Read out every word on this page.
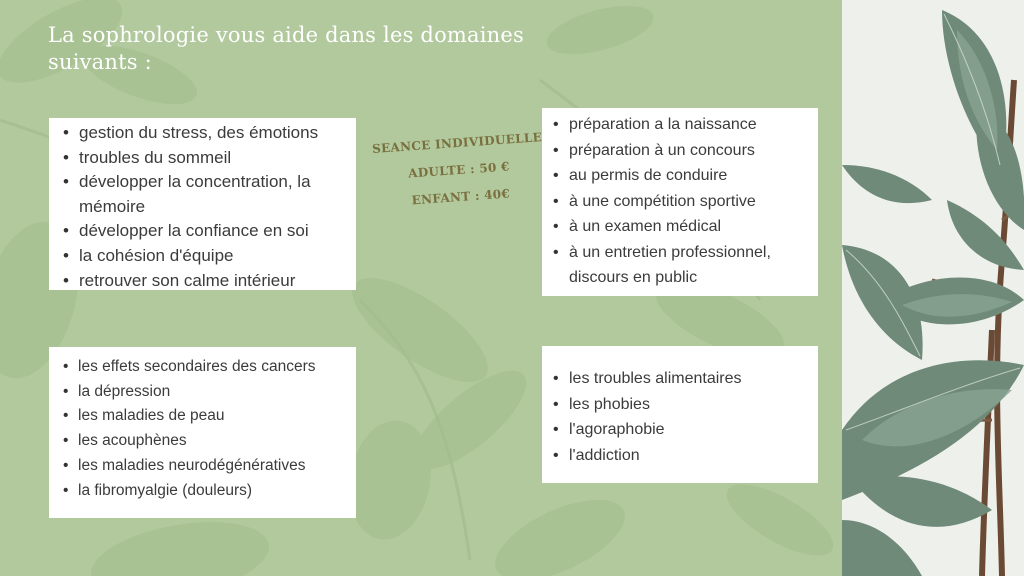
La sophrologie vous aide dans les domaines suivants :
SEANCE INDIVIDUELLE
ADULTE : 50 €
ENFANT : 40€
• gestion du stress, des émotions
• troubles du sommeil
• développer la concentration, la mémoire
• développer la confiance en soi
• la cohésion d'équipe
• retrouver son calme intérieur
• préparation a la naissance
• préparation à un concours
• au permis de conduire
• à une compétition sportive
• à un examen médical
• à un entretien professionnel, discours en public
• les effets secondaires des cancers
• la dépression
• les maladies de peau
• les acouphènes
• les maladies neurodégénératives
• la fibromyalgie (douleurs)
• les troubles alimentaires
• les phobies
• l'agoraphobie
• l'addiction
